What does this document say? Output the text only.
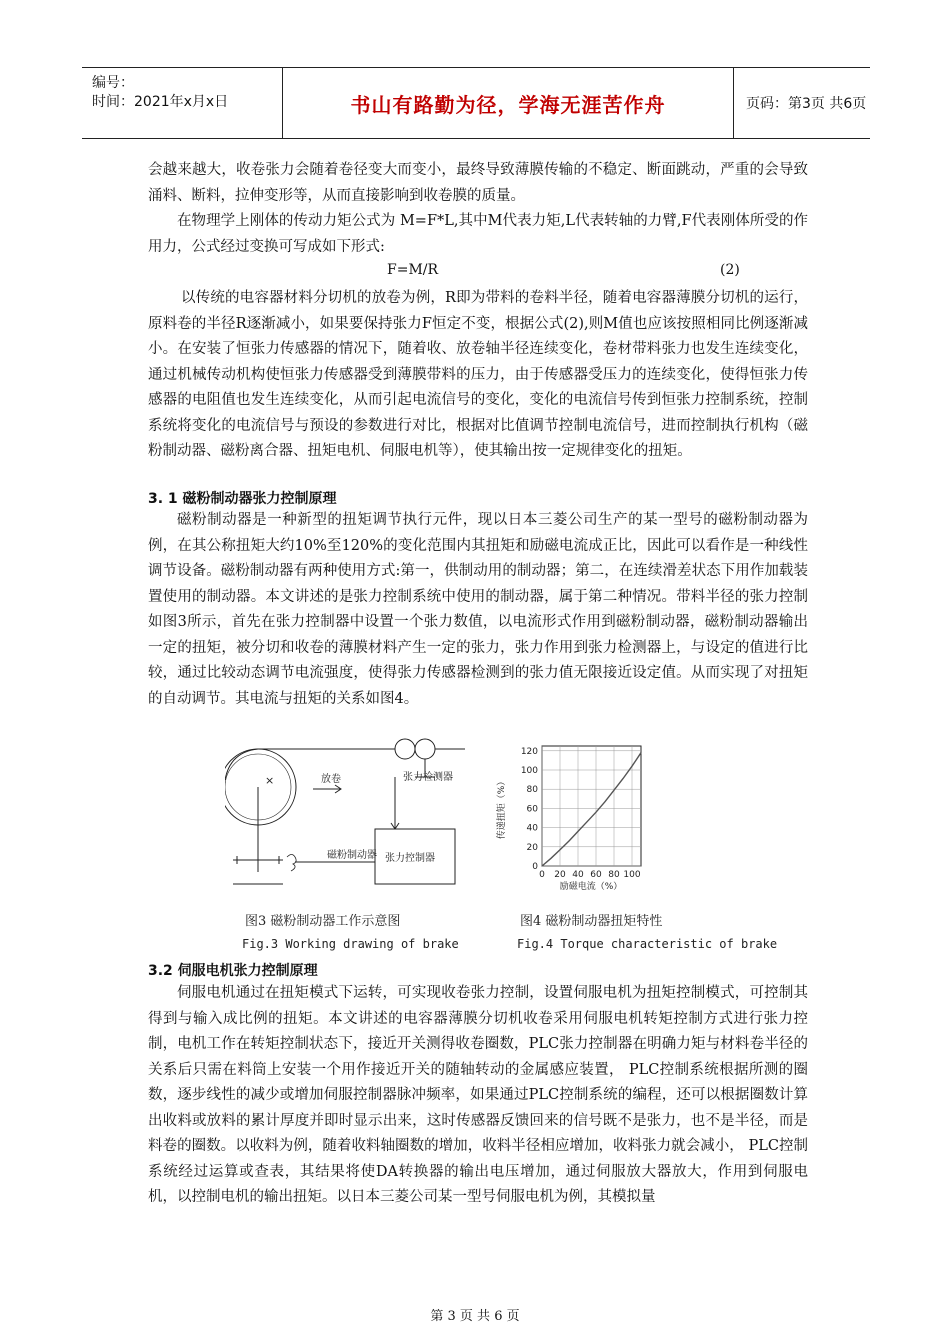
编号：
时间：2021年x月x日	书山有路勤为径，学海无涯苦作舟	页码：第3页 共6页
会越来越大，收卷张力会随着卷径变大而变小，最终导致薄膜传输的不稳定、断面跳动，严重的会导致涌料、断料，拉伸变形等，从而直接影响到收卷膜的质量。
在物理学上刚体的传动力矩公式为 M=F*L,其中M代表力矩,L代表转轴的力臂,F代表刚体所受的作用力，公式经过变换可写成如下形式:
F=M/R	(2)
以传统的电容器材料分切机的放卷为例，R即为带料的卷料半径，随着电容器薄膜分切机的运行，原料卷的半径R逐渐减小，如果要保持张力F恒定不变，根据公式(2),则M值也应该按照相同比例逐渐减小。在安装了恒张力传感器的情况下，随着收、放卷轴半径连续变化，卷材带料张力也发生连续变化，通过机械传动机构使恒张力传感器受到薄膜带料的压力，由于传感器受压力的连续变化，使得恒张力传感器的电阻值也发生连续变化，从而引起电流信号的变化，变化的电流信号传到恒张力控制系统，控制系统将变化的电流信号与预设的参数进行对比，根据对比值调节控制电流信号，进而控制执行机构（磁粉制动器、磁粉离合器、扭矩电机、伺服电机等），使其输出按一定规律变化的扭矩。
3. 1 磁粉制动器张力控制原理
磁粉制动器是一种新型的扭矩调节执行元件，现以日本三菱公司生产的某一型号的磁粉制动器为例，在其公称扭矩大约10%至120%的变化范围内其扭矩和励磁电流成正比，因此可以看作是一种线性调节设备。磁粉制动器有两种使用方式:第一，供制动用的制动器；第二，在连续滑差状态下用作加载装置使用的制动器。本文讲述的是张力控制系统中使用的制动器，属于第二种情况。带料半径的张力控制如图3所示，首先在张力控制器中设置一个张力数值，以电流形式作用到磁粉制动器，磁粉制动器输出一定的扭矩，被分切和收卷的薄膜材料产生一定的张力，张力作用到张力检测器上，与设定的值进行比较，通过比较动态调节电流强度，使得张力传感器检测到的张力值无限接近设定值。从而实现了对扭矩的自动调节。其电流与扭矩的关系如图4。
×	放卷	张力检测器
磁粉制动器 张力控制器
图3 磁粉制动器工作示意图
Fig.3 Working drawing of brake
0
20
40
60
80
100
120
0 20 40 60 80 100
传递扭矩（%）
励磁电流（%）
图4 磁粉制动器扭矩特性
Fig.4 Torque characteristic of brake
3.2 伺服电机张力控制原理
伺服电机通过在扭矩模式下运转，可实现收卷张力控制，设置伺服电机为扭矩控制模式，可控制其得到与输入成比例的扭矩。本文讲述的电容器薄膜分切机收卷采用伺服电机转矩控制方式进行张力控制，电机工作在转矩控制状态下，接近开关测得收卷圈数，PLC张力控制器在明确力矩与材料卷半径的关系后只需在料筒上安装一个用作接近开关的随轴转动的金属感应装置， PLC控制系统根据所测的圈数，逐步线性的减少或增加伺服控制器脉冲频率，如果通过PLC控制系统的编程，还可以根据圈数计算出收料或放料的累计厚度并即时显示出来，这时传感器反馈回来的信号既不是张力，也不是半径，而是料卷的圈数。以收料为例，随着收料轴圈数的增加，收料半径相应增加，收料张力就会减小， PLC控制系统经过运算或查表，其结果将使DA转换器的输出电压增加，通过伺服放大器放大，作用到伺服电机，以控制电机的输出扭矩。以日本三菱公司某一型号伺服电机为例，其模拟量
第 3 页 共 6 页
